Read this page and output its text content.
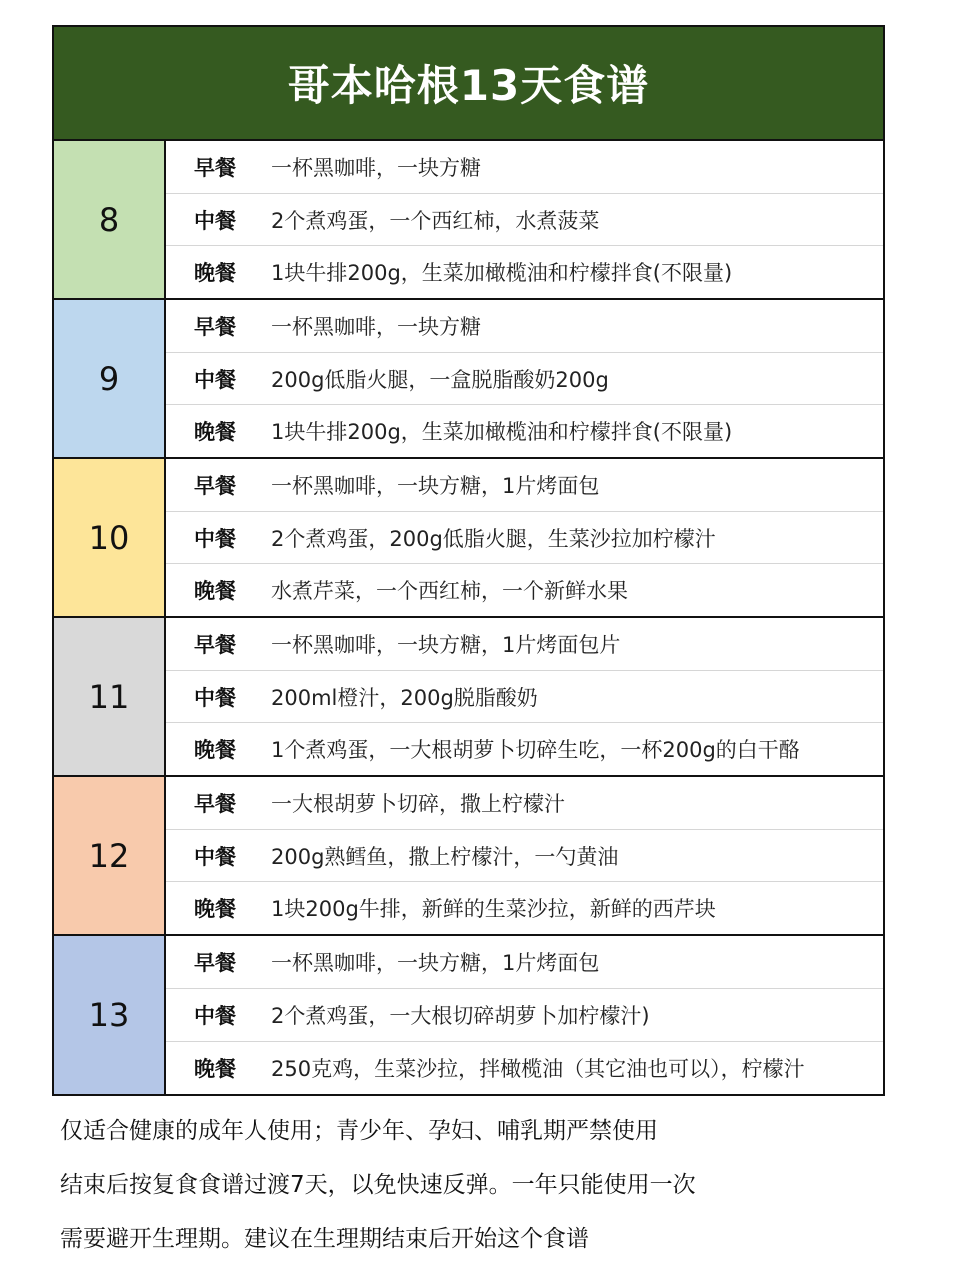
哥本哈根13天食谱
8
早餐	一杯黑咖啡，一块方糖
中餐	2个煮鸡蛋，一个西红柿，水煮菠菜
晚餐	1块牛排200g，生菜加橄榄油和柠檬拌食(不限量)
9
早餐	一杯黑咖啡，一块方糖
中餐	200g低脂火腿，一盒脱脂酸奶200g
晚餐	1块牛排200g，生菜加橄榄油和柠檬拌食(不限量)
10
早餐	一杯黑咖啡，一块方糖，1片烤面包
中餐	2个煮鸡蛋，200g低脂火腿，生菜沙拉加柠檬汁
晚餐	水煮芹菜，一个西红柿，一个新鲜水果
11
早餐	一杯黑咖啡，一块方糖，1片烤面包片
中餐	200ml橙汁，200g脱脂酸奶
晚餐	1个煮鸡蛋，一大根胡萝卜切碎生吃，一杯200g的白干酪
12
早餐	一大根胡萝卜切碎，撒上柠檬汁
中餐	200g熟鳕鱼，撒上柠檬汁，一勺黄油
晚餐	1块200g牛排，新鲜的生菜沙拉，新鲜的西芹块
13
早餐	一杯黑咖啡，一块方糖，1片烤面包
中餐	2个煮鸡蛋，一大根切碎胡萝卜加柠檬汁)
晚餐	250克鸡，生菜沙拉，拌橄榄油（其它油也可以），柠檬汁
仅适合健康的成年人使用；青少年、孕妇、哺乳期严禁使用
结束后按复食食谱过渡7天，以免快速反弹。一年只能使用一次
需要避开生理期。建议在生理期结束后开始这个食谱
